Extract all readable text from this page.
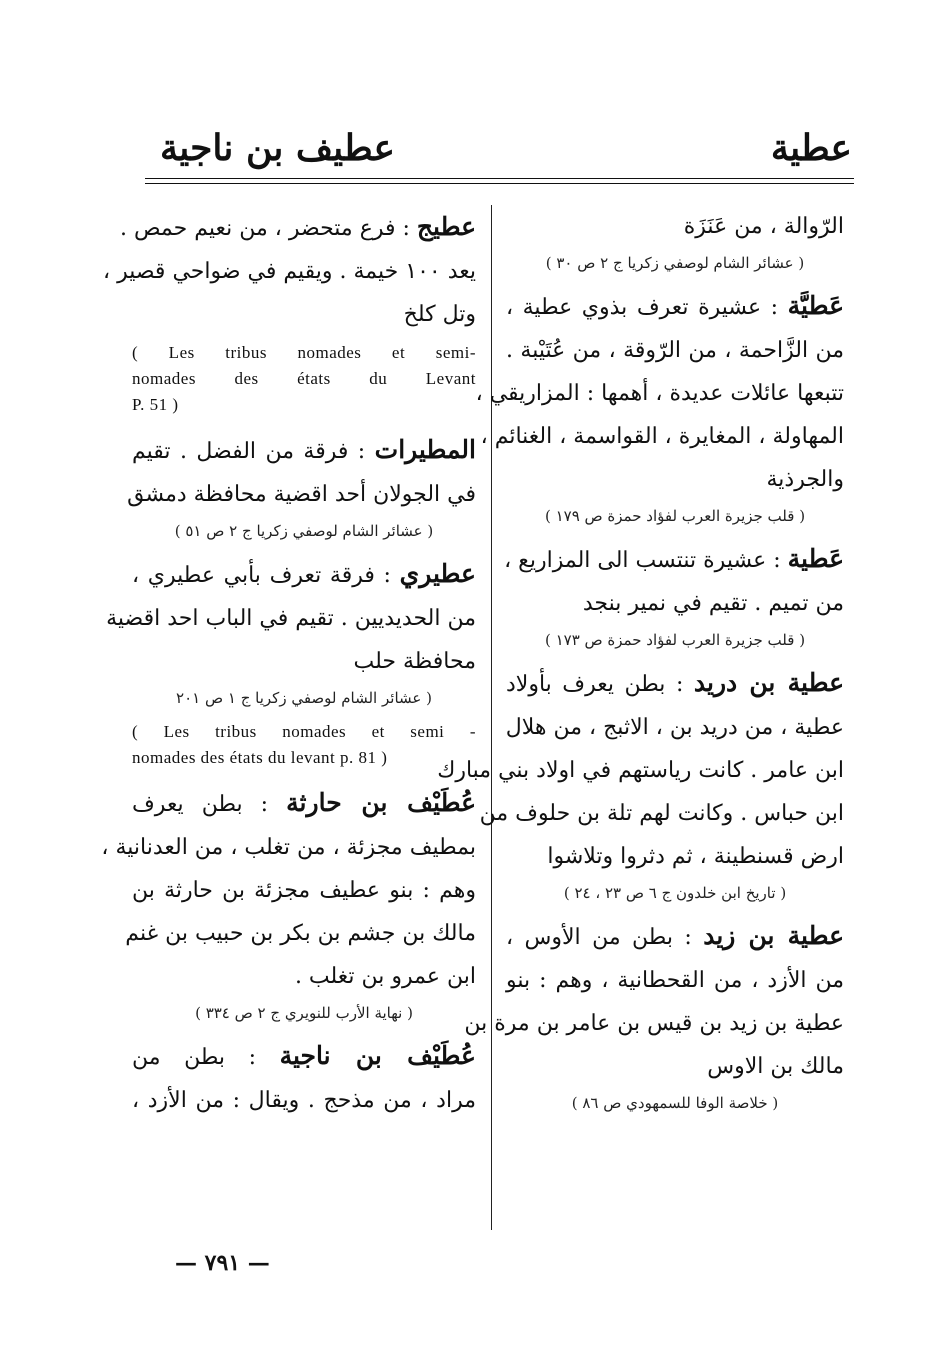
عطية
عطيف بن ناجية
الرّوالة ، من عَنَزَة
( عشائر الشام لوصفي زكريا ج ٢ ص ٣٠ )
عَطيَّة : عشيرة تعرف بذوي عطية ،
من الزَّاحمة ، من الرّوقة ، من عُتَيْبة .
تتبعها عائلات عديدة ، أهمها : المزاريقي ،
المهاولة ، المغايرة ، القواسمة ، الغنائم ،
والجرذية
( قلب جزيرة العرب لفؤاد حمزة ص ١٧٩ )
عَطية : عشيرة تنتسب الى المزاريع ،
من تميم . تقيم في نمير بنجد
( قلب جزيرة العرب لفؤاد حمزة ص ١٧٣ )
عطية بن دريد : بطن يعرف بأولاد
عطية ، من دريد بن ، الاثبج ، من هلال
ابن عامر . كانت رياستهم في اولاد بني مبارك
ابن حباس . وكانت لهم تلة بن حلوف من
ارض قسنطينة ، ثم دثروا وتلاشوا
( تاريخ ابن خلدون ج ٦ ص ٢٣ ، ٢٤ )
عطية بن زيد : بطن من الأوس ،
من الأزد ، من القحطانية ، وهم : بنو
عطية بن زيد بن قيس بن عامر بن مرة بن
مالك بن الاوس
( خلاصة الوفا للسمهودي ص ٨٦ )
عطيج : فرع متحضر ، من نعيم حمص .
يعد ١٠٠ خيمة . ويقيم في ضواحي قصير ،
وتل كلخ
( Les tribus nomades et semi-
nomades des états du Levant
P. 51 )
المطيرات : فرقة من الفضل . تقيم
في الجولان أحد اقضية محافظة دمشق
( عشائر الشام لوصفي زكريا ج ٢ ص ٥١ )
عطيري : فرقة تعرف بأبي عطيري ،
من الحديديين . تقيم في الباب احد اقضية
محافظة حلب
( عشائر الشام لوصفي زكريا ج ١ ص ٢٠١
( Les tribus nomades et semi -
nomades des états du levant p. 81 )
عُطَيْف بن حارثة : بطن يعرف
بمطيف مجزئة ، من تغلب ، من العدنانية ،
وهم : بنو عطيف مجزئة بن حارثة بن
مالك بن جشم بن بكر بن حبيب بن غنم
ابن عمرو بن تغلب .
( نهاية الأرب للنويري ج ٢ ص ٣٣٤ )
عُطَيْف بن ناجية : بطن من
مراد ، من مذحج . ويقال : من الأزد ،
— ٧٩١ —
